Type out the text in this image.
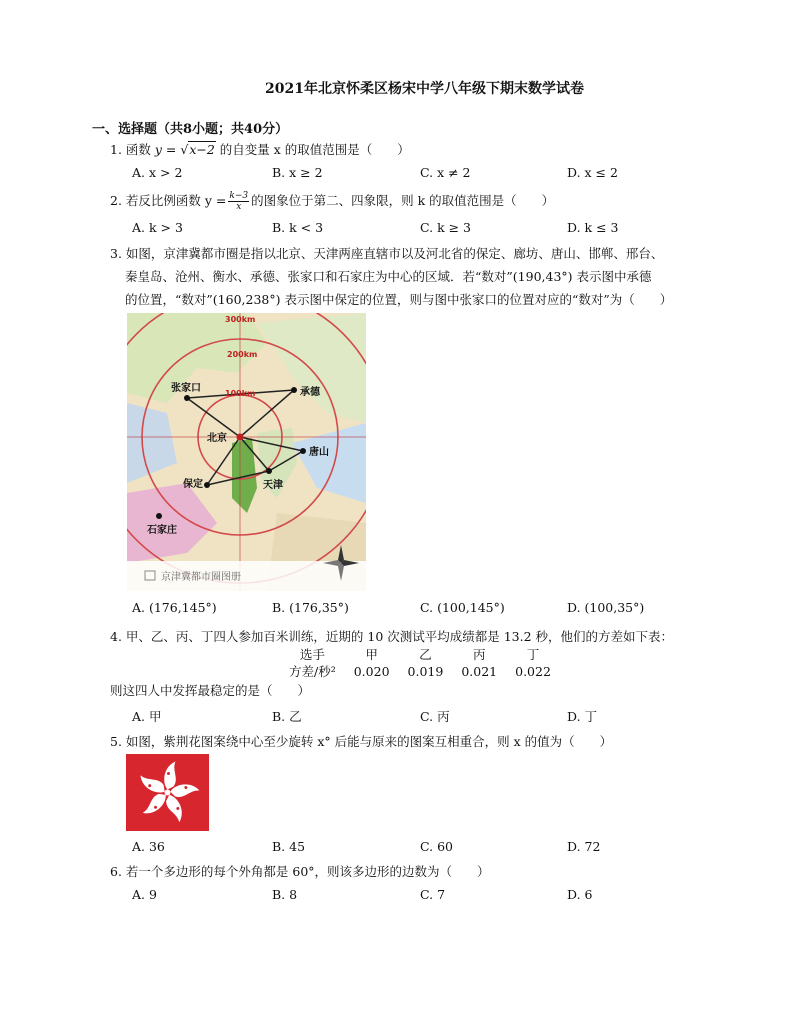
2021年北京怀柔区杨宋中学八年级下期末数学试卷
一、选择题（共8小题；共40分）
1. 函数 y = √x−2 的自变量 x 的取值范围是（　　）
A. x > 2	B. x ≥ 2	C. x ≠ 2	D. x ≤ 2
2. 若反比例函数 $y = \frac{k-3}{x}$ 的图象位于第二、四象限，则 k 的取值范围是（　　）
A. k > 3	B. k < 3	C. k ≥ 3	D. k ≤ 3
3. 如图，京津冀都市圈是指以北京、天津两座直辖市以及河北省的保定、廊坊、唐山、邯郸、邢台、
秦皇岛、沧州、衡水、承德、张家口和石家庄为中心的区域．若“数对”(190,43°) 表示图中承德
的位置，“数对”(160,238°) 表示图中保定的位置，则与图中张家口的位置对应的“数对”为（　　）
300km
200km
100km
张家口	承德
北京
唐山
保定	天津
石家庄
京津冀都市圈图册
A. (176,145°)	B. (176,35°)	C. (100,145°)	D. (100,35°)
4. 甲、乙、丙、丁四人参加百米训练，近期的 10 次测试平均成绩都是 13.2 秒，他们的方差如下表：
选手	甲	乙	丙	丁
方差/秒²	0.020	0.019	0.021	0.022
则这四人中发挥最稳定的是（　　）
A. 甲	B. 乙	C. 丙	D. 丁
5. 如图，紫荆花图案绕中心至少旋转 x° 后能与原来的图案互相重合，则 x 的值为（　　）
A. 36	B. 45	C. 60	D. 72
6. 若一个多边形的每个外角都是 60°，则该多边形的边数为（　　）
A. 9	B. 8	C. 7	D. 6
